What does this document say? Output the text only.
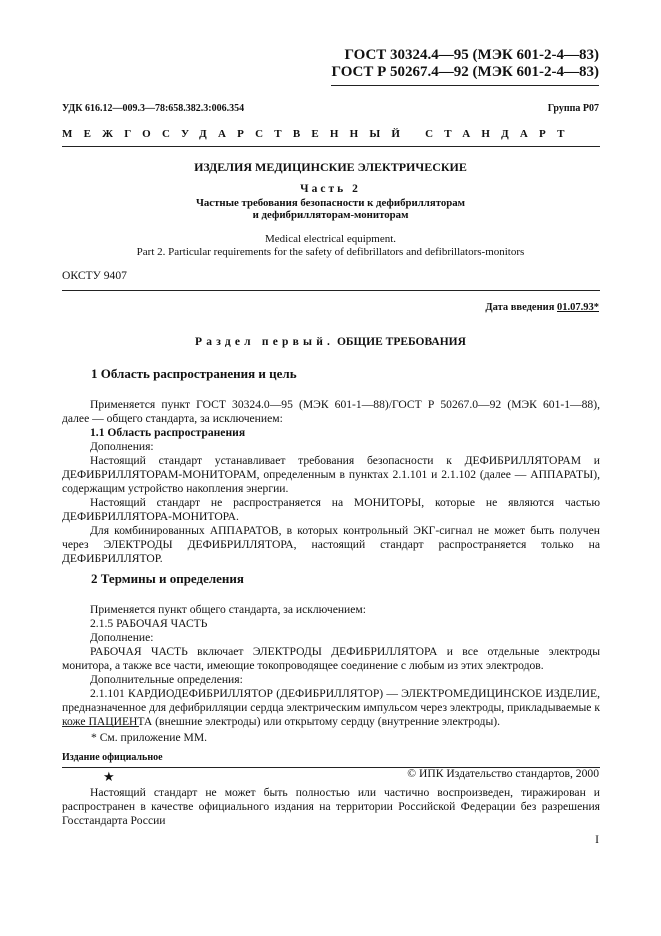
ГОСТ 30324.4—95 (МЭК 601-2-4—83)
ГОСТ Р 50267.4—92 (МЭК 601-2-4—83)
УДК 616.12—009.3—78:658.382.3:006.354	Группа Р07
МЕЖГОСУДАРСТВЕННЫЙ СТАНДАРТ
ИЗДЕЛИЯ МЕДИЦИНСКИЕ ЭЛЕКТРИЧЕСКИЕ
Часть 2
Частные требования безопасности к дефибрилляторам
и дефибрилляторам-мониторам
Medical electrical equipment.
Part 2. Particular requirements for the safety of defibrillators and defibrillators-monitors
ОКСТУ 9407
Дата введения 01.07.93*
Раздел первый. ОБЩИЕ ТРЕБОВАНИЯ
1 Область распространения и цель
Применяется пункт ГОСТ 30324.0—95 (МЭК 601-1—88)/ГОСТ Р 50267.0—92 (МЭК 601-1—88), далее — общего стандарта, за исключением:
1.1 Область распространения
Дополнения:
Настоящий стандарт устанавливает требования безопасности к ДЕФИБРИЛЛЯТОРАМ и ДЕФИБРИЛЛЯТОРАМ-МОНИТОРАМ, определенным в пунктах 2.1.101 и 2.1.102 (далее — АППАРАТЫ), содержащим устройство накопления энергии.
Настоящий стандарт не распространяется на МОНИТОРЫ, которые не являются частью ДЕФИБРИЛЛЯТОРА-МОНИТОРА.
Для комбинированных АППАРАТОВ, в которых контрольный ЭКГ-сигнал не может быть получен через ЭЛЕКТРОДЫ ДЕФИБРИЛЛЯТОРА, настоящий стандарт распространяется только на ДЕФИБРИЛЛЯТОР.
2 Термины и определения
Применяется пункт общего стандарта, за исключением:
2.1.5 РАБОЧАЯ ЧАСТЬ
Дополнение:
РАБОЧАЯ ЧАСТЬ включает ЭЛЕКТРОДЫ ДЕФИБРИЛЛЯТОРА и все отдельные электроды монитора, а также все части, имеющие токопроводящее соединение с любым из этих электродов.
Дополнительные определения:
2.1.101 КАРДИОДЕФИБРИЛЛЯТОР (ДЕФИБРИЛЛЯТОР) — ЭЛЕКТРОМЕДИЦИНСКОЕ ИЗДЕЛИЕ, предназначенное для дефибрилляции сердца электрическим импульсом через электроды, прикладываемые к коже ПАЦИЕНТА (внешние электроды) или открытому сердцу (внутренние электроды).
* См. приложение ММ.
Издание официальное
★	© ИПК Издательство стандартов, 2000
Настоящий стандарт не может быть полностью или частично воспроизведен, тиражирован и распространен в качестве официального издания на территории Российской Федерации без разрешения Госстандарта России
I
